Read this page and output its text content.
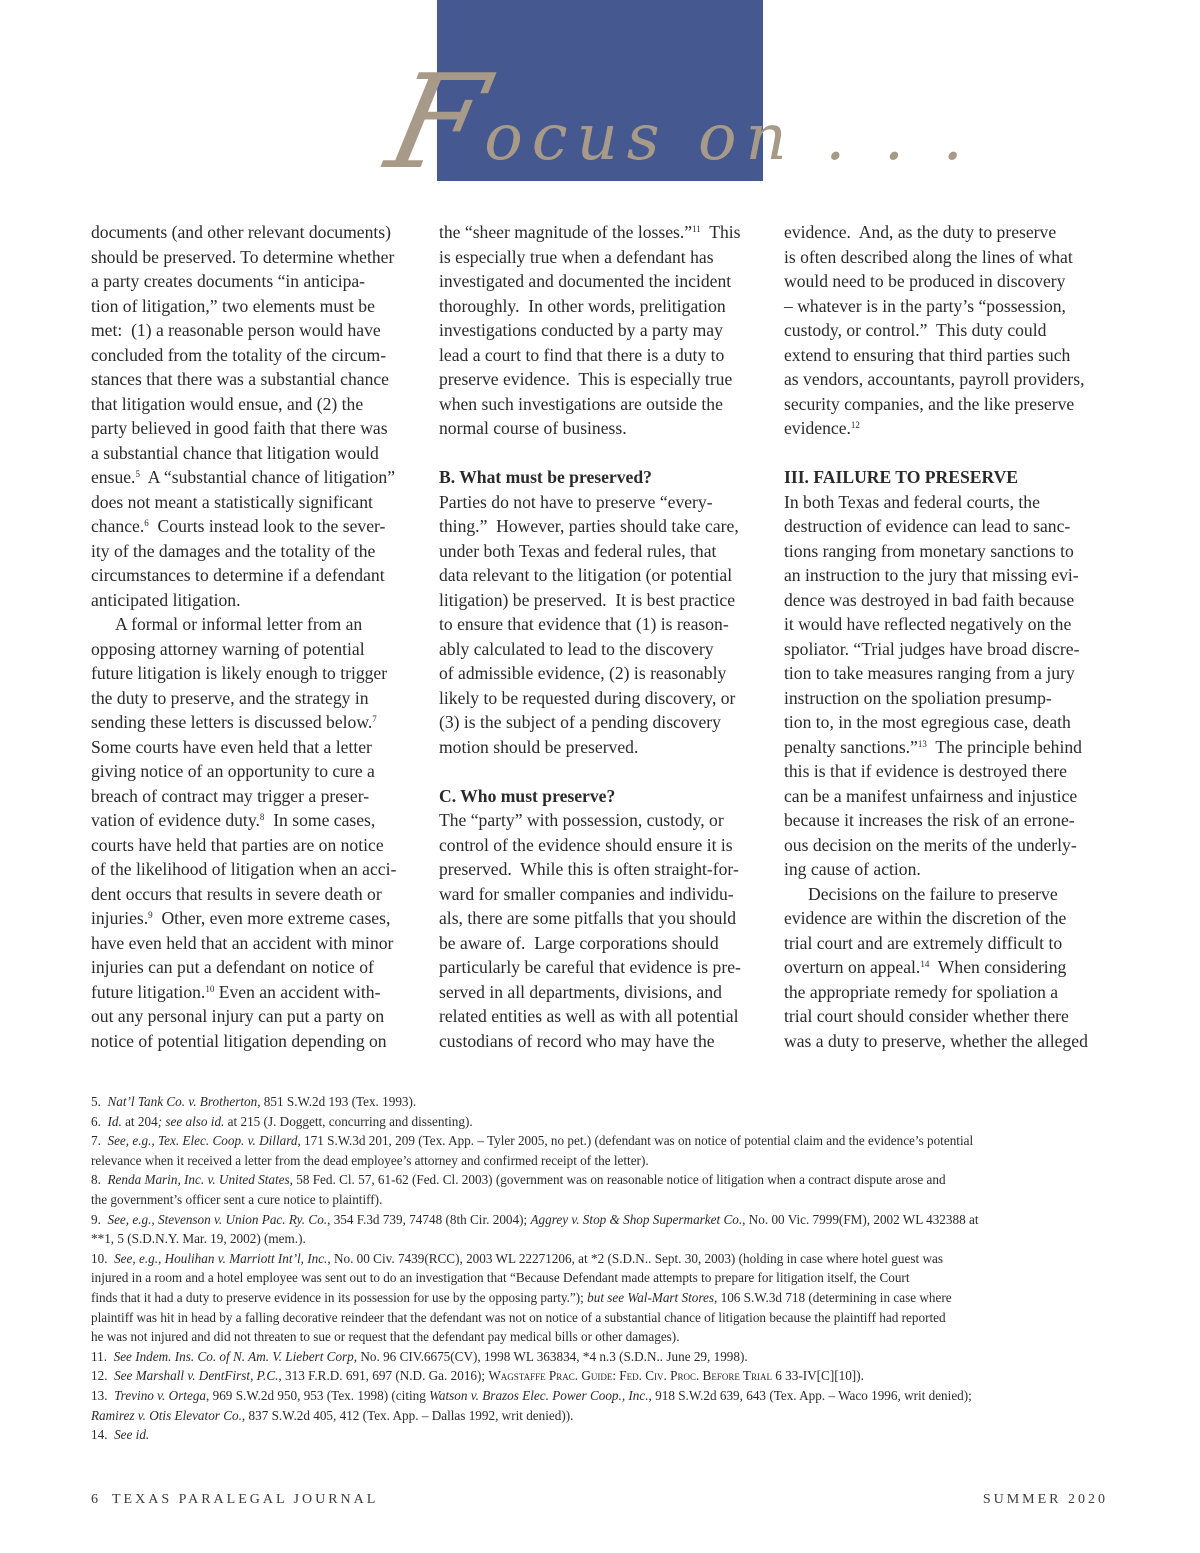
Focus on . . .

documents (and other relevant documents)

should be preserved. To determine whether

a party creates documents “in anticipa-

tion of litigation,” two elements must be

met:  (1) a reasonable person would have

concluded from the totality of the circum-

stances that there was a substantial chance

that litigation would ensue, and (2) the

party believed in good faith that there was

a substantial chance that litigation would

ensue.$^5$  A “substantial chance of litigation”

does not meant a statistically significant

chance.$^6$  Courts instead look to the sever-

ity of the damages and the totality of the

circumstances to determine if a defendant

anticipated litigation.

A formal or informal letter from an

opposing attorney warning of potential

future litigation is likely enough to trigger

the duty to preserve, and the strategy in

sending these letters is discussed below.$^7$

Some courts have even held that a letter

giving notice of an opportunity to cure a

breach of contract may trigger a preser-

vation of evidence duty.$^8$  In some cases,

courts have held that parties are on notice

of the likelihood of litigation when an acci-

dent occurs that results in severe death or

injuries.$^9$  Other, even more extreme cases,

have even held that an accident with minor

injuries can put a defendant on notice of

future litigation.$^{10}$ Even an accident with-

out any personal injury can put a party on

notice of potential litigation depending on

the “sheer magnitude of the losses.”$^{11}$  This

is especially true when a defendant has

investigated and documented the incident

thoroughly.  In other words, prelitigation

investigations conducted by a party may

lead a court to find that there is a duty to

preserve evidence.  This is especially true

when such investigations are outside the

normal course of business.

B. What must be preserved?

Parties do not have to preserve “every-

thing.”  However, parties should take care,

under both Texas and federal rules, that

data relevant to the litigation (or potential

litigation) be preserved.  It is best practice

to ensure that evidence that (1) is reason-

ably calculated to lead to the discovery

of admissible evidence, (2) is reasonably

likely to be requested during discovery, or

(3) is the subject of a pending discovery

motion should be preserved.

C. Who must preserve?

The “party” with possession, custody, or

control of the evidence should ensure it is

preserved.  While this is often straight-for-

ward for smaller companies and individu-

als, there are some pitfalls that you should

be aware of.  Large corporations should

particularly be careful that evidence is pre-

served in all departments, divisions, and

related entities as well as with all potential

custodians of record who may have the

evidence.  And, as the duty to preserve

is often described along the lines of what

would need to be produced in discovery

– whatever is in the party’s “possession,

custody, or control.”  This duty could

extend to ensuring that third parties such

as vendors, accountants, payroll providers,

security companies, and the like preserve

evidence.$^{12}$

III. FAILURE TO PRESERVE

In both Texas and federal courts, the

destruction of evidence can lead to sanc-

tions ranging from monetary sanctions to

an instruction to the jury that missing evi-

dence was destroyed in bad faith because

it would have reflected negatively on the

spoliator. “Trial judges have broad discre-

tion to take measures ranging from a jury

instruction on the spoliation presump-

tion to, in the most egregious case, death

penalty sanctions.”$^{13}$  The principle behind

this is that if evidence is destroyed there

can be a manifest unfairness and injustice

because it increases the risk of an errone-

ous decision on the merits of the underly-

ing cause of action.

Decisions on the failure to preserve

evidence are within the discretion of the

trial court and are extremely difficult to

overturn on appeal.$^{14}$  When considering

the appropriate remedy for spoliation a

trial court should consider whether there

was a duty to preserve, whether the alleged

5.  Nat’l Tank Co. v. Brotherton, 851 S.W.2d 193 (Tex. 1993).

6.  Id. at 204; see also id. at 215 (J. Doggett, concurring and dissenting).

7.  See, e.g., Tex. Elec. Coop. v. Dillard, 171 S.W.3d 201, 209 (Tex. App. – Tyler 2005, no pet.) (defendant was on notice of potential claim and the evidence’s potential

relevance when it received a letter from the dead employee’s attorney and confirmed receipt of the letter).

8.  Renda Marin, Inc. v. United States, 58 Fed. Cl. 57, 61-62 (Fed. Cl. 2003) (government was on reasonable notice of litigation when a contract dispute arose and

the government’s officer sent a cure notice to plaintiff).

9.  See, e.g., Stevenson v. Union Pac. Ry. Co., 354 F.3d 739, 74748 (8th Cir. 2004); Aggrey v. Stop & Shop Supermarket Co., No. 00 Vic. 7999(FM), 2002 WL 432388 at

**1, 5 (S.D.N.Y. Mar. 19, 2002) (mem.).

10.  See, e.g., Houlihan v. Marriott Int’l, Inc., No. 00 Civ. 7439(RCC), 2003 WL 22271206, at *2 (S.D.N.. Sept. 30, 2003) (holding in case where hotel guest was

injured in a room and a hotel employee was sent out to do an investigation that “Because Defendant made attempts to prepare for litigation itself, the Court

finds that it had a duty to preserve evidence in its possession for use by the opposing party.”); but see Wal-Mart Stores, 106 S.W.3d 718 (determining in case where

plaintiff was hit in head by a falling decorative reindeer that the defendant was not on notice of a substantial chance of litigation because the plaintiff had reported

he was not injured and did not threaten to sue or request that the defendant pay medical bills or other damages).

11.  See Indem. Ins. Co. of N. Am. V. Liebert Corp, No. 96 CIV.6675(CV), 1998 WL 363834, *4 n.3 (S.D.N.. June 29, 1998).

12.  See Marshall v. DentFirst, P.C., 313 F.R.D. 691, 697 (N.D. Ga. 2016); Wagstaffe Prac. Guide: Fed. Civ. Proc. Before Trial 6 33-IV[C][10]).

13.  Trevino v. Ortega, 969 S.W.2d 950, 953 (Tex. 1998) (citing Watson v. Brazos Elec. Power Coop., Inc., 918 S.W.2d 639, 643 (Tex. App. – Waco 1996, writ denied);

Ramirez v. Otis Elevator Co., 837 S.W.2d 405, 412 (Tex. App. – Dallas 1992, writ denied)).

14.  See id.

6 TEXAS PARALEGAL JOURNAL	SUMMER 2020
